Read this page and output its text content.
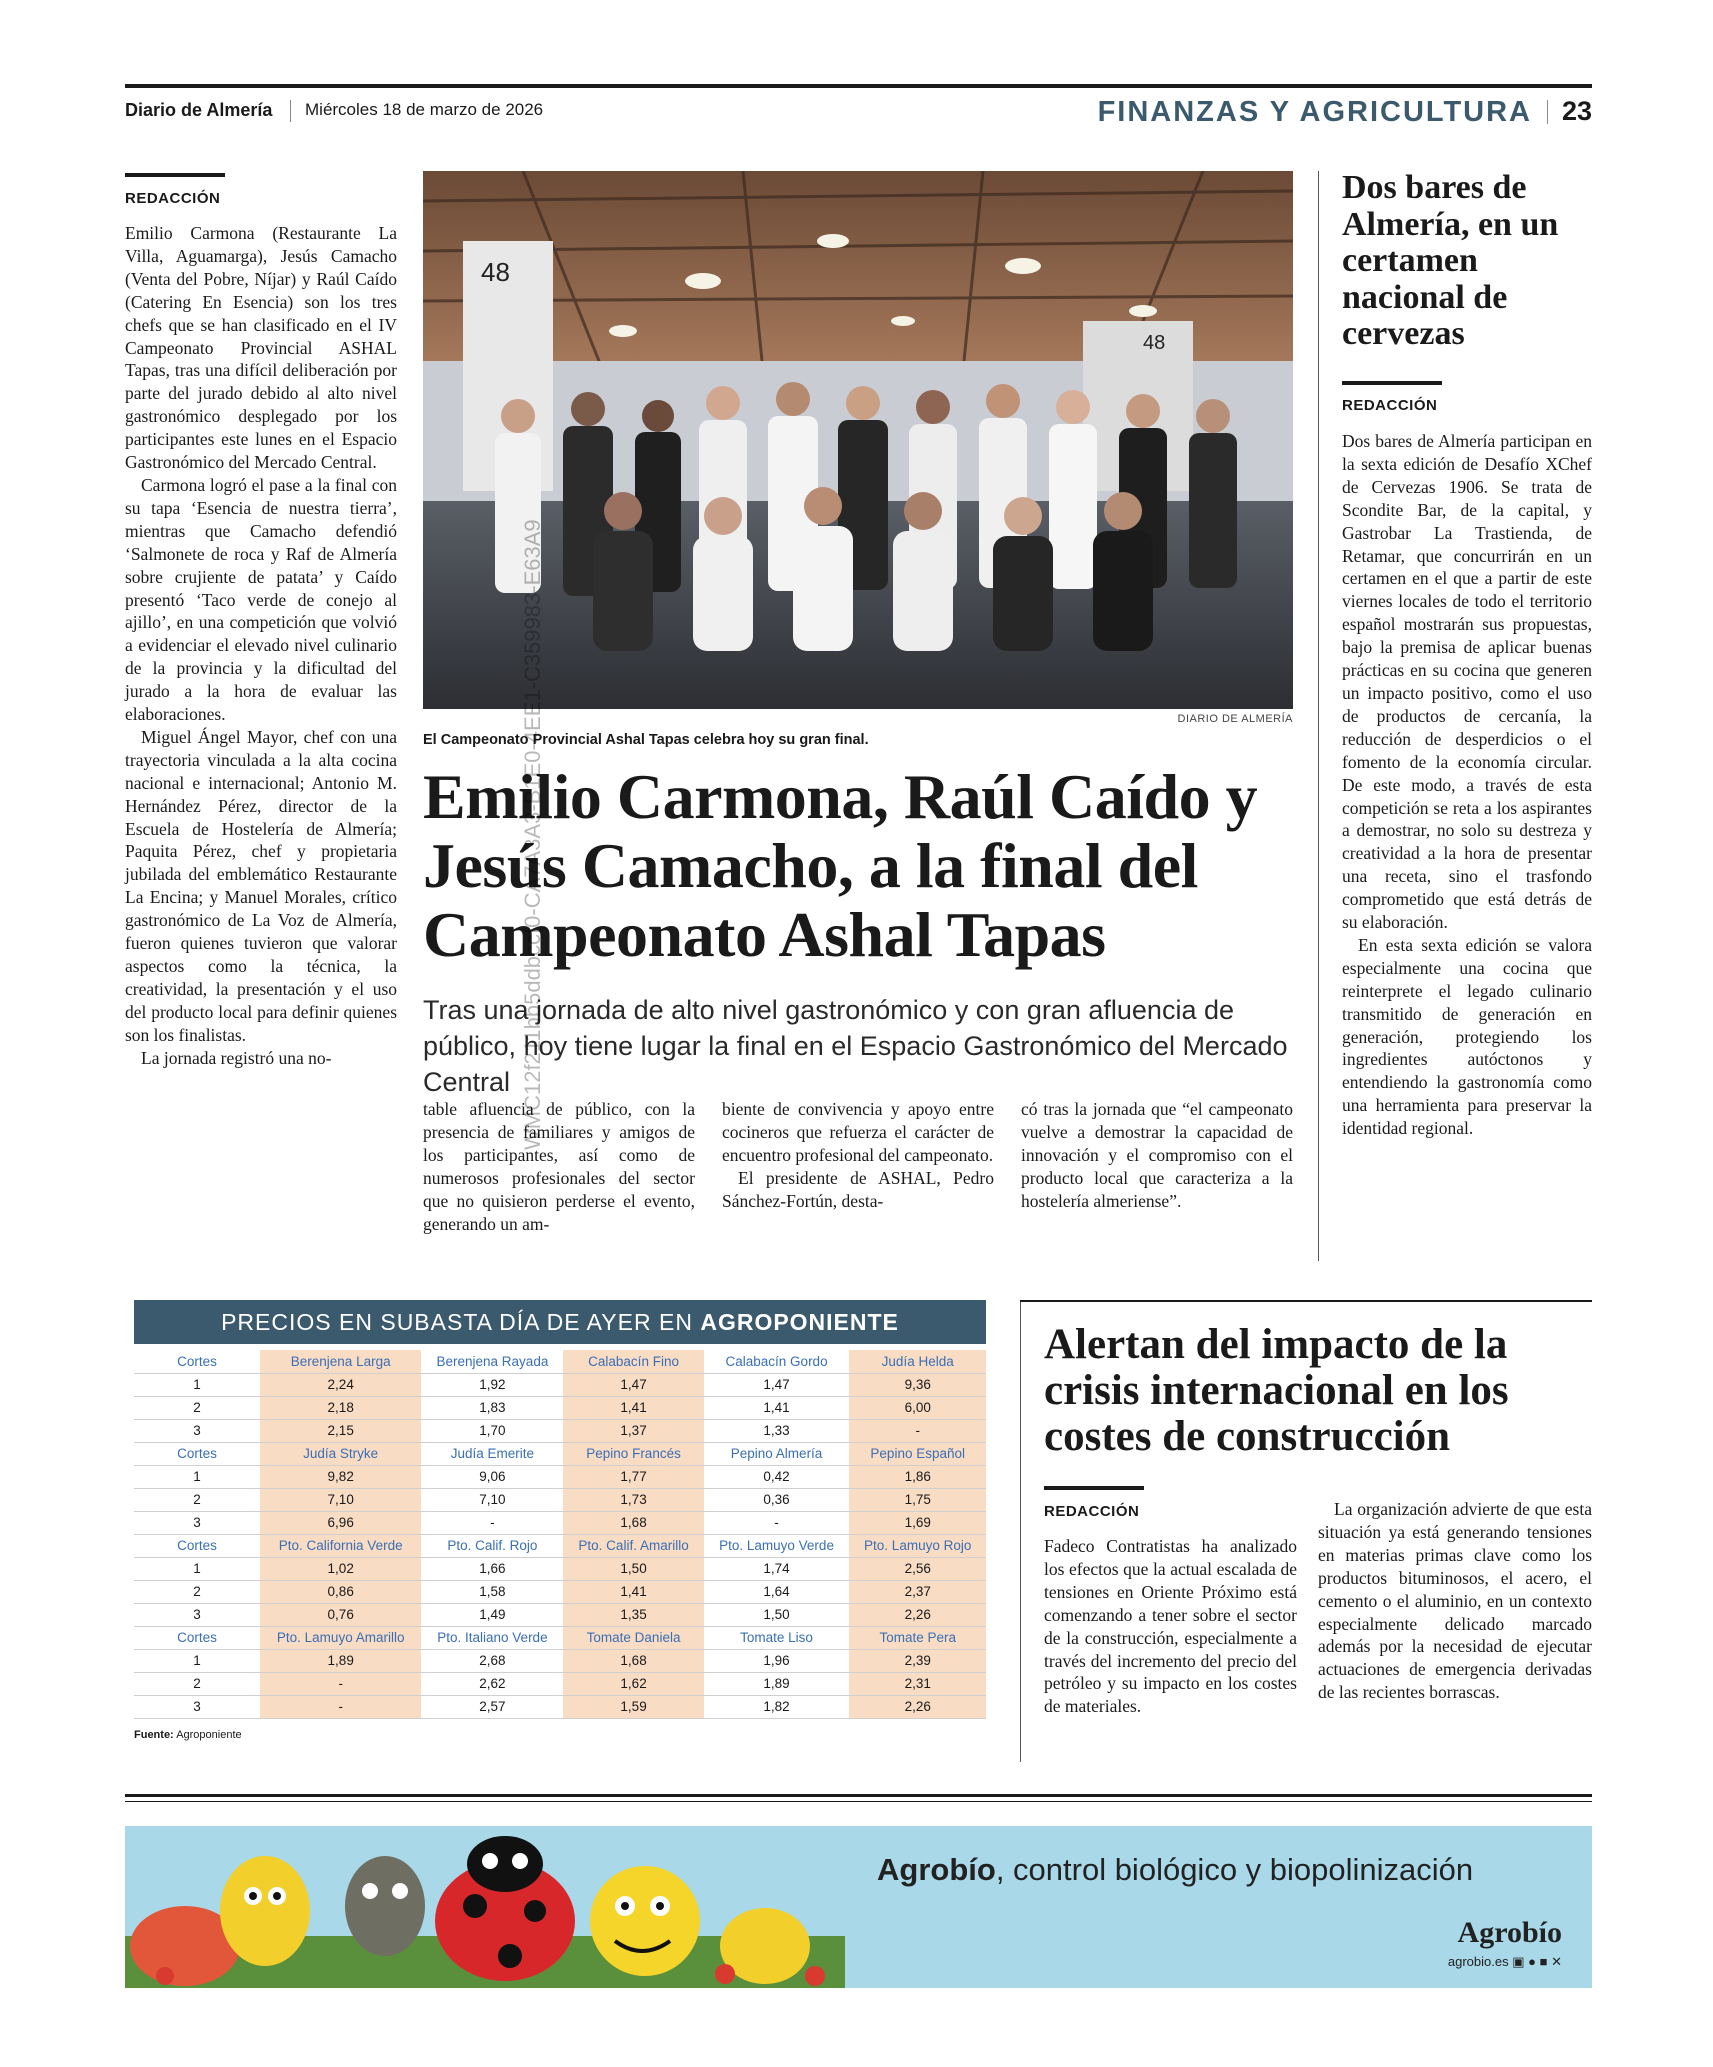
Diario de Almería Miércoles 18 de marzo de 2026	FINANZAS Y AGRICULTURA 23
REDACCIÓN

Emilio Carmona (Restaurante La Villa, Aguamarga), Jesús Camacho (Venta del Pobre, Níjar) y Raúl Caído (Catering En Esencia) son los tres chefs que se han clasificado en el IV Campeonato Provincial ASHAL Tapas, tras una difícil deliberación por parte del jurado debido al alto nivel gastronómico desplegado por los participantes este lunes en el Espacio Gastronómico del Mercado Central.

Carmona logró el pase a la final con su tapa ‘Esencia de nuestra tierra’, mientras que Camacho defendió ‘Salmonete de roca y Raf de Almería sobre crujiente de patata’ y Caído presentó ‘Taco verde de conejo al ajillo’, en una competición que volvió a evidenciar el elevado nivel culinario de la provincia y la dificultad del jurado a la hora de evaluar las elaboraciones.

Miguel Ángel Mayor, chef con una trayectoria vinculada a la alta cocina nacional e internacional; Antonio M. Hernández Pérez, director de la Escuela de Hostelería de Almería; Paquita Pérez, chef y propietaria jubilada del emblemático Restaurante La Encina; y Manuel Morales, crítico gastronómico de La Voz de Almería, fueron quienes tuvieron que valorar aspectos como la técnica, la creatividad, la presentación y el uso del producto local para definir quienes son los finalistas.

La jornada registró una no-

48
48
DIARIO DE ALMERÍA
El Campeonato Provincial Ashal Tapas celebra hoy su gran final.
Emilio Carmona, Raúl Caído y Jesús Camacho, a la final del Campeonato Ashal Tapas
Tras una jornada de alto nivel gastronómico y con gran afluencia de público, hoy tiene lugar la final en el Espacio Gastronómico del Mercado Central

table afluencia de público, con la presencia de familiares y amigos de los participantes, así como de numerosos profesionales del sector que no quisieron perderse el evento, generando un am-

biente de convivencia y apoyo entre cocineros que refuerza el carácter de encuentro profesional del campeonato.

El presidente de ASHAL, Pedro Sánchez-Fortún, desta-

có tras la jornada que “el campeonato vuelve a demostrar la capacidad de innovación y el compromiso con el producto local que caracteriza a la hostelería almeriense”.

Dos bares de Almería, en un certamen nacional de cervezas
REDACCIÓN

Dos bares de Almería participan en la sexta edición de Desafío XChef de Cervezas 1906. Se trata de Scondite Bar, de la capital, y Gastrobar La Trastienda, de Retamar, que concurrirán en un certamen en el que a partir de este viernes locales de todo el territorio español mostrarán sus propuestas, bajo la premisa de aplicar buenas prácticas en su cocina que generen un impacto positivo, como el uso de productos de cercanía, la reducción de desperdicios o el fomento de la economía circular. De este modo, a través de esta competición se reta a los aspirantes a demostrar, no solo su destreza y creatividad a la hora de presentar una receta, sino el trasfondo comprometido que está detrás de su elaboración.

En esta sexta edición se valora especialmente una cocina que reinterprete el legado culinario transmitido de generación en generación, protegiendo los ingredientes autóctonos y entendiendo la gastronomía como una herramienta para preservar la identidad regional.

PRECIOS EN SUBASTA DÍA DE AYER EN AGROPONIENTE
Cortes	Berenjena Larga	Berenjena Rayada	Calabacín Fino	Calabacín Gordo	Judía Helda
1	2,24	1,92	1,47	1,47	9,36
2	2,18	1,83	1,41	1,41	6,00
3	2,15	1,70	1,37	1,33	-
Cortes	Judía Stryke	Judía Emerite	Pepino Francés	Pepino Almería	Pepino Español
1	9,82	9,06	1,77	0,42	1,86
2	7,10	7,10	1,73	0,36	1,75
3	6,96	-	1,68	-	1,69
Cortes	Pto. California Verde	Pto. Calif. Rojo	Pto. Calif. Amarillo	Pto. Lamuyo Verde	Pto. Lamuyo Rojo
1	1,02	1,66	1,50	1,74	2,56
2	0,86	1,58	1,41	1,64	2,37
3	0,76	1,49	1,35	1,50	2,26
Cortes	Pto. Lamuyo Amarillo	Pto. Italiano Verde	Tomate Daniela	Tomate Liso	Tomate Pera
1	1,89	2,68	1,68	1,96	2,39
2	-	2,62	1,62	1,89	2,31
3	-	2,57	1,59	1,82	2,26
Fuente: Agroponiente
Alertan del impacto de la crisis internacional en los costes de construcción
REDACCIÓN

Fadeco Contratistas ha analizado los efectos que la actual escalada de tensiones en Oriente Próximo está comenzando a tener sobre el sector de la construcción, especialmente a través del incremento del precio del petróleo y su impacto en los costes de materiales.

La organización advierte de que esta situación ya está generando tensiones en materias primas clave como los productos bituminosos, el acero, el cemento o el aluminio, en un contexto especialmente delicado marcado además por la necesidad de ejecutar actuaciones de emergencia derivadas de las recientes borrascas.

Agrobío, control biológico y biopolinización
Agrobío
agrobio.es ▣ ● ■ ✕
WMC12f211bb5ddbccf0-CA7A3A3-B1E0-4EE1-C359983-E63A9
